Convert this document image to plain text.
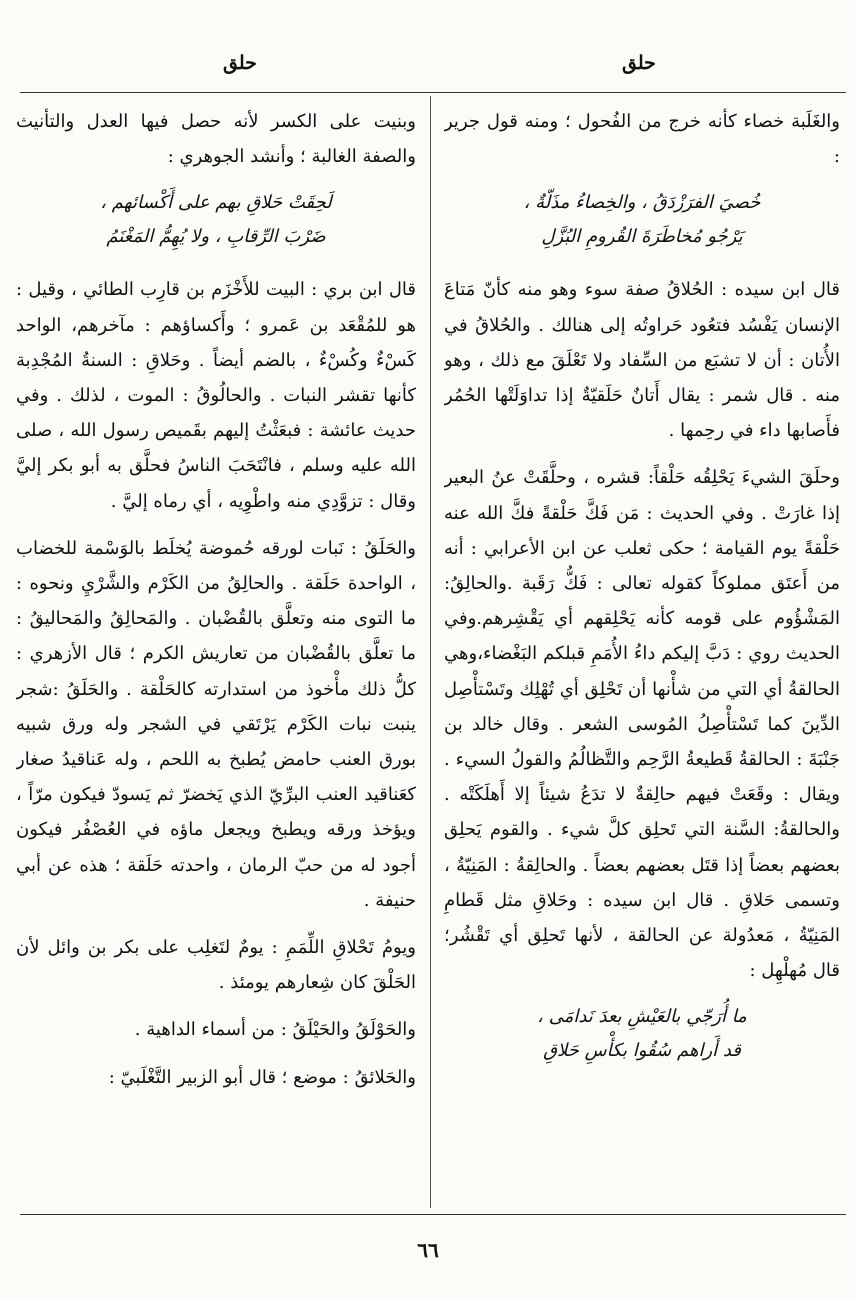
حلق
حلق

والغَلَبة خصاء كأنه خرج من الفُحول ؛ ومنه قول جرير :

خُصيَ الفرَزْدَقُ ، والخِصاءُ مذَلّةٌ ،
يَرْجُو مُخاطَرَةَ القُرومِ البُزَّلِ

قال ابن سيده : الحُلاقُ صفة سوء وهو منه كأنّ مَتاعَ الإنسان يَفْسُد فتعُود حَراوتُه إلى هنالك . والحُلاقُ في الأُتان : أن لا تشبَع من السِّفاد ولا تَعْلَقَ مع ذلك ، وهو منه . قال شمر : يقال أَتانٌ حَلَقيّةٌ إذا تداوَلَتْها الحُمُر فأَصابها داء في رحِمها .

وحلَقَ الشيءَ يَحْلِقُه حَلْقاً: قشره ، وحلَّقَتْ عنُ البعير إذا غارَتْ . وفي الحديث : مَن فَكَّ حَلْقةً فكَّ الله عنه حَلْقةً يوم القيامة ؛ حكى ثعلب عن ابن الأعرابي : أنه من أَعتَق مملوكاً كقوله تعالى : فَكُّ رَقَبة .والحالِقُ: المَشْؤُوم على قومه كأنه يَحْلِقهم أي يَقْشِرهم.وفي الحديث روي : دَبَّ إليكم داءُ الأُمَمِ قبلكم البَغْضاء،وهي الحالقةُ أي التي من شأْنها أن تَحْلِق أي تُهْلِك وتَسْتأْصِل الدِّينَ كما تَسْتأْصِلُ المُوسى الشعر . وقال خالد بن جَنْبَةَ : الحالقةُ قَطيعةُ الرَّحِم والتَّظالُمُ والقولُ السيء . ويقال : وقَعَتْ فيهم حالِقةٌ لا تدَعُ شيئاً إلا أَهلَكَتْه . والحالقةُ: السَّنة التي تَحلِق كلَّ شيء . والقوم يَحلِق بعضهم بعضاً إذا قتَل بعضهم بعضاً . والحالِقةُ : المَنِيّةُ ، وتسمى حَلاقِ . قال ابن سيده : وحَلاقِ مثل قَطامِ المَنِيّةُ ، مَعدُولة عن الحالقة ، لأنها تَحلِق أي تَقْشُر؛ قال مُهلْهِل :

ما أُرَجّي بالعَيْشِ بعدَ نَدامَى ،
قد أَراهم سُقُوا بكأْسِ حَلاقِ

وبنيت على الكسر لأنه حصل فيها العدل والتأنيث والصفة الغالبة ؛ وأنشد الجوهري :

لَحِقَتْ حَلاقِ بهم على أَكْسائهم ،
ضَرْبَ الرِّقابِ ، ولا يُهِمُّ المَغْنَمُ

قال ابن بري : البيت للأَخْزَم بن قارِب الطائي ، وقيل : هو للمُقْعَد بن عَمرو ؛ وأَكساؤهم : مآخرهم، الواحد كَسْءٌ وكُسْءٌ ، بالضم أيضاً . وحَلاقِ : السنةُ المُجْدِبة كأنها تقشر النبات . والحالُوقُ : الموت ، لذلك . وفي حديث عائشة : فبعَثْتُ إليهم بقَميص رسول الله ، صلى الله عليه وسلم ، فانْتَحَبَ الناسُ فحلَّق به أبو بكر إليَّ وقال : تزوَّدِي منه واطْوِيه ، أي رماه إليَّ .

والحَلَقُ : نَبات لورقه حُموضة يُخلَط بالوَسْمة للخضاب ، الواحدة حَلَقة . والحالِقُ من الكَرْم والشَّرْيِ ونحوه : ما التوى منه وتعلَّق بالقُضْبان . والمَحالِقُ والمَحاليقُ : ما تعلَّق بالقُضْبان من تعاريش الكرم ؛ قال الأزهري : كلُّ ذلك مأْخوذ من استدارته كالحَلْقة . والحَلَقُ :شجر ينبت نبات الكَرْم يَرْتَقي في الشجر وله ورق شبيه بورق العنب حامض يُطبخ به اللحم ، وله عَناقيدُ صغار كعَناقيد العنب البرِّيّ الذي يَخضرّ ثم يَسودّ فيكون مرّاً ، ويؤخذ ورقه ويطبخ ويجعل ماؤه في العُصْفُر فيكون أجود له من حبّ الرمان ، واحدته حَلَقة ؛ هذه عن أبي حنيفة .

ويومُ تَحْلاقِ اللِّمَمِ : يومٌ لتَغلِب على بكر بن وائل لأن الحَلْقَ كان شِعارهم يومئذ .

والحَوْلَقُ والحَيْلَقُ : من أسماء الداهية .

والحَلائقُ : موضع ؛ قال أبو الزبير التَّغْلَبيّ :

٦٦
